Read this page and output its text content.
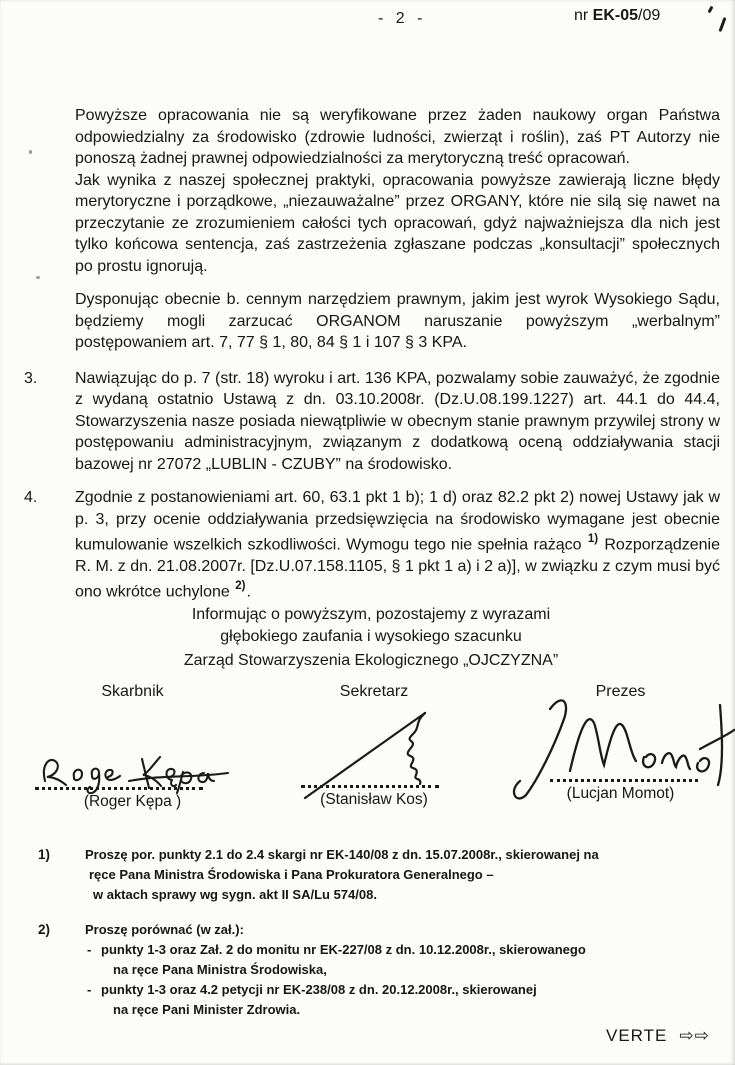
- 2 -	nr EK-05/09

Powyższe opracowania nie są weryfikowane przez żaden naukowy organ Państwa odpowiedzialny za środowisko (zdrowie ludności, zwierząt i roślin), zaś PT Autorzy nie ponoszą żadnej prawnej odpowiedzialności za merytoryczną treść opracowań.

Jak wynika z naszej społecznej praktyki, opracowania powyższe zawierają liczne błędy merytoryczne i porządkowe, „niezauważalne” przez ORGANY, które nie silą się nawet na przeczytanie ze zrozumieniem całości tych opracowań, gdyż najważniejsza dla nich jest tylko końcowa sentencja, zaś zastrzeżenia zgłaszane podczas „konsultacji” społecznych po prostu ignorują.

Dysponując obecnie b. cennym narzędziem prawnym, jakim jest wyrok Wysokiego Sądu, będziemy mogli zarzucać ORGANOM naruszanie powyższym „werbalnym” postępowaniem art. 7, 77 § 1, 80, 84 § 1 i 107 § 3 KPA.

3. Nawiązując do p. 7 (str. 18) wyroku i art. 136 KPA, pozwalamy sobie zauważyć, że zgodnie z wydaną ostatnio Ustawą z dn. 03.10.2008r. (Dz.U.08.199.1227) art. 44.1 do 44.4, Stowarzyszenia nasze posiada niewątpliwie w obecnym stanie prawnym przywilej strony w postępowaniu administracyjnym, związanym z dodatkową oceną oddziaływania stacji bazowej nr 27072 „LUBLIN - CZUBY” na środowisko.

4. Zgodnie z postanowieniami art. 60, 63.1 pkt 1 b); 1 d) oraz 82.2 pkt 2) nowej Ustawy jak w p. 3, przy ocenie oddziaływania przedsięwzięcia na środowisko wymagane jest obecnie kumulowanie wszelkich szkodliwości. Wymogu tego nie spełnia rażąco $^{1)}$ Rozporządzenie R. M. z dn. 21.08.2007r. [Dz.U.07.158.1105, § 1 pkt 1 a) i 2 a)], w związku z czym musi być ono wkrótce uchylone $^{2)}$.

Informując o powyższym, pozostajemy z wyrazami
głębokiego zaufania i wysokiego szacunku
Zarząd Stowarzyszenia Ekologicznego „OJCZYZNA”
Skarbnik
(Roger Kępa )
Sekretarz
(Stanisław Kos)
Prezes
(Lucjan Momot)
1)	Proszę por. punkty 2.1 do 2.4 skargi nr EK-140/08 z dn. 15.07.2008r., skierowanej na
ręce Pana Ministra Środowiska i Pana Prokuratora Generalnego –
w aktach sprawy wg sygn. akt II SA/Lu 574/08.
2)	Proszę porównać (w zał.):
- punkty 1-3 oraz Zał. 2 do monitu nr EK-227/08 z dn. 10.12.2008r., skierowanego
na ręce Pana Ministra Środowiska,
- punkty 1-3 oraz 4.2 petycji nr EK-238/08 z dn. 20.12.2008r., skierowanej
na ręce Pani Minister Zdrowia.
VERTE ⇨⇨
